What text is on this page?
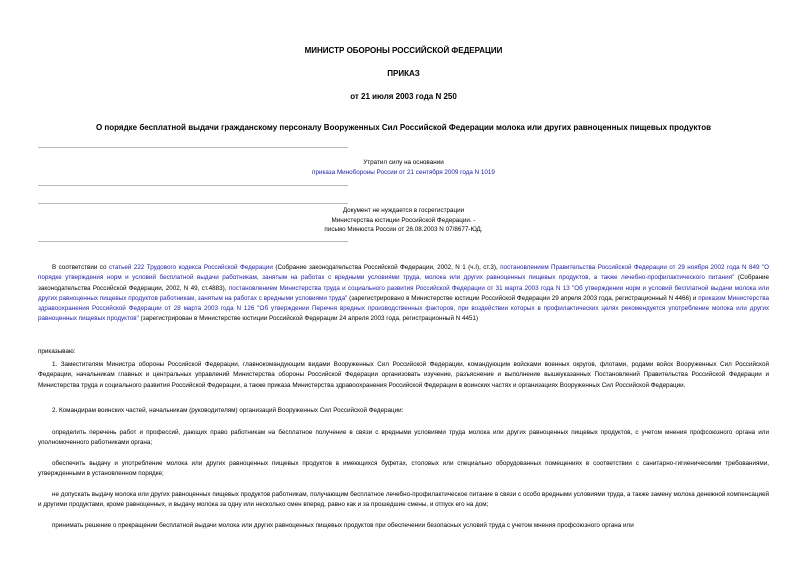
МИНИСТР ОБОРОНЫ РОССИЙСКОЙ ФЕДЕРАЦИИ
ПРИКАЗ
от 21 июля 2003 года N 250
О порядке бесплатной выдачи гражданскому персоналу Вооруженных Сил Российской Федерации молока или других равноценных пищевых продуктов
Утратил силу на основании
приказа Минобороны России от 21 сентября 2009 года N 1019
Документ не нуждается в госрегистрации
Министерства юстиции Российской Федерации. -
письмо Минюста России от 26.08.2003 N 07/8677-ЮД.

В соответствии со статьей 222 Трудового кодекса Российской Федерации (Собрание законодательства Российской Федерации, 2002, N 1 (ч.I), ст.3), постановлением Правительства Российской Федерации от 29 ноября 2002 года N 849 "О порядке утверждения норм и условий бесплатной выдачи работникам, занятым на работах с вредными условиями труда, молока или других равноценных пищевых продуктов, а также лечебно-профилактического питания" (Собрание законодательства Российской Федерации, 2002, N 49, ст.4883), постановлением Министерства труда и социального развития Российской Федерации от 31 марта 2003 года N 13 "Об утверждении норм и условий бесплатной выдачи молока или других равноценных пищевых продуктов работникам, занятым на работах с вредными условиями труда" (зарегистрировано в Министерстве юстиции Российской Федерации 29 апреля 2003 года, регистрационный N 4466) и приказом Министерства здравоохранения Российской Федерации от 28 марта 2003 года N 126 "Об утверждении Перечня вредных производственных факторов, при воздействии которых в профилактических целях рекомендуется употребление молока или других равноценных пищевых продуктов" (зарегистрирован в Министерстве юстиции Российской Федерации 24 апреля 2003 года, регистрационный N 4451)

приказываю:
1. Заместителям Министра обороны Российской Федерации, главнокомандующим видами Вооруженных Сил Российской Федерации, командующим войсками военных округов, флотами, родами войск Вооруженных Сил Российской Федерации, начальникам главных и центральных управлений Министерства обороны Российской Федерации организовать изучение, разъяснение и выполнение вышеуказанных Постановлений Правительства Российской Федерации и Министерства труда и социального развития Российской Федерации, а также приказа Министерства здравоохранения Российской Федерации в воинских частях и организациях Вооруженных Сил Российской Федерации.
2. Командирам воинских частей, начальникам (руководителям) организаций Вооруженных Сил Российской Федерации:
определить перечень работ и профессий, дающих право работникам на бесплатное получение в связи с вредными условиями труда молока или других равноценных пищевых продуктов, с учетом мнения профсоюзного органа или уполномоченного работниками органа;
обеспечить выдачу и употребление молока или других равноценных пищевых продуктов в имеющихся буфетах, столовых или специально оборудованных помещениях в соответствии с санитарно-гигиеническими требованиями, утвержденными в установленном порядке;
не допускать выдачу молока или других равноценных пищевых продуктов работникам, получающим бесплатное лечебно-профилактическое питание в связи с особо вредными условиями труда, а также замену молока денежной компенсацией и другими продуктами, кроме равноценных, и выдачу молока за одну или несколько смен вперед, равно как и за прошедшие смены, и отпуск его на дом;
принимать решение о прекращении бесплатной выдачи молока или других равноценных пищевых продуктов при обеспечении безопасных условий труда с учетом мнения профсоюзного органа или
